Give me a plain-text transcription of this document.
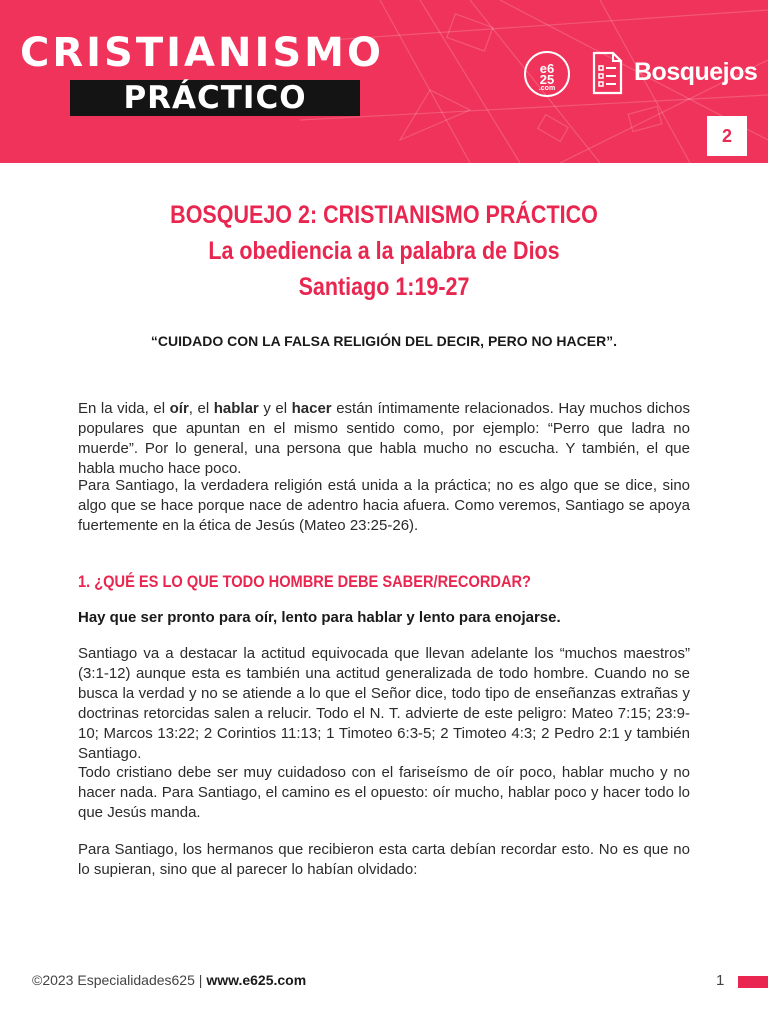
CRISTIANISMO
PRÁCTICO
e6
25
.com
Bosquejos
2
BOSQUEJO 2: CRISTIANISMO PRÁCTICO
La obediencia a la palabra de Dios
Santiago 1:19-27
“CUIDADO CON LA FALSA RELIGIÓN DEL DECIR, PERO NO HACER”.

En la vida, el oír, el hablar y el hacer están íntimamente relacionados. Hay muchos dichos populares que apuntan en el mismo sentido como, por ejemplo: “Perro que ladra no muerde”. Por lo general, una persona que habla mucho no escucha. Y también, el que habla mucho hace poco.

Para Santiago, la verdadera religión está unida a la práctica; no es algo que se dice, sino algo que se hace porque nace de adentro hacia afuera. Como veremos, Santiago se apoya fuertemente en la ética de Jesús (Mateo 23:25-26).

1. ¿QUÉ ES LO QUE TODO HOMBRE DEBE SABER/RECORDAR?
Hay que ser pronto para oír, lento para hablar y lento para enojarse.

Santiago va a destacar la actitud equivocada que llevan adelante los “muchos maestros” (3:1-12) aunque esta es también una actitud generalizada de todo hombre. Cuando no se busca la verdad y no se atiende a lo que el Señor dice, todo tipo de enseñanzas extrañas y doctrinas retorcidas salen a relucir. Todo el N. T. advierte de este peligro: Mateo 7:15; 23:9-10; Marcos 13:22; 2 Corintios 11:13; 1 Timoteo 6:3-5; 2 Timoteo 4:3; 2 Pedro 2:1 y también Santiago.

Todo cristiano debe ser muy cuidadoso con el fariseísmo de oír poco, hablar mucho y no hacer nada. Para Santiago, el camino es el opuesto: oír mucho, hablar poco y hacer todo lo que Jesús manda.

Para Santiago, los hermanos que recibieron esta carta debían recordar esto. No es que no lo supieran, sino que al parecer lo habían olvidado:

©2023 Especialidades625 | www.e625.com	1
